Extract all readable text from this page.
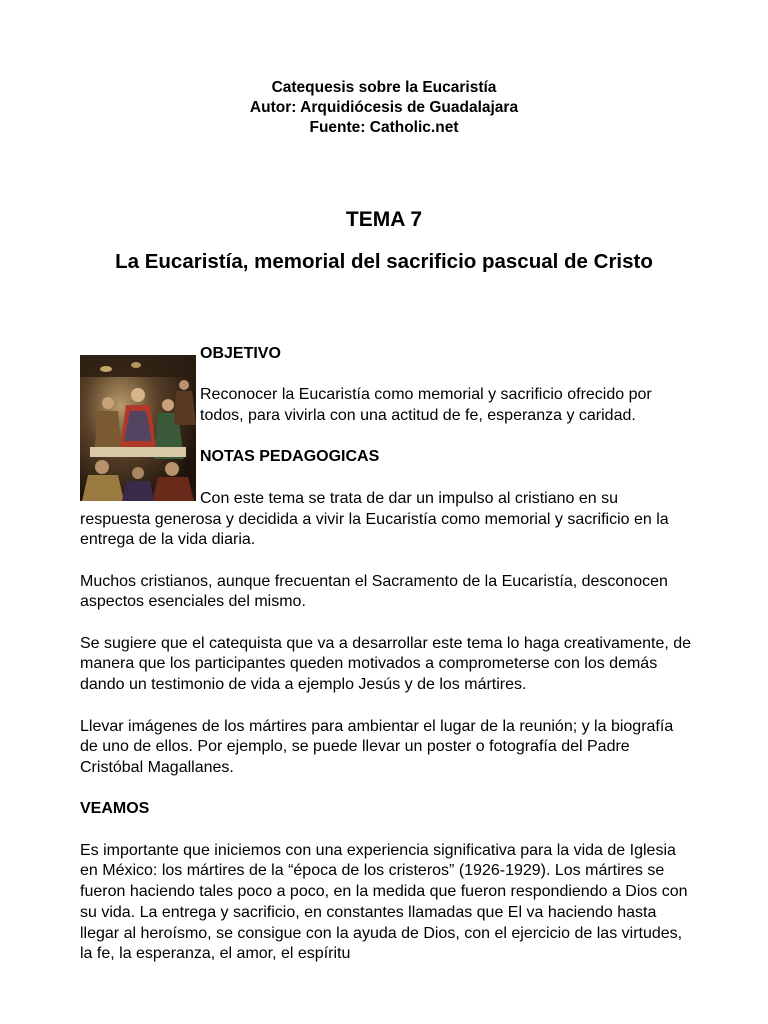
Catequesis sobre la Eucaristía
Autor: Arquidiócesis de Guadalajara
Fuente: Catholic.net
TEMA 7
La Eucaristía, memorial del sacrificio pascual de Cristo

OBJETIVO

Reconocer la Eucaristía como memorial y sacrificio ofrecido por todos, para vivirla con una actitud de fe, esperanza y caridad.

NOTAS PEDAGOGICAS

Con este tema se trata de dar un impulso al cristiano en su respuesta generosa y decidida a vivir la Eucaristía como memorial y sacrificio en la entrega de la vida diaria.

Muchos cristianos, aunque frecuentan el Sacramento de la Eucaristía, desconocen aspectos esenciales del mismo.

Se sugiere que el catequista que va a desarrollar este tema lo haga creativamente, de manera que los participantes queden motivados a comprometerse con los demás dando un testimonio de vida a ejemplo Jesús y de los mártires.

Llevar imágenes de los mártires para ambientar el lugar de la reunión; y la biografía de uno de ellos. Por ejemplo, se puede llevar un poster o fotografía del Padre Cristóbal Magallanes.

VEAMOS

Es importante que iniciemos con una experiencia significativa para la vida de Iglesia en México: los mártires de la “época de los cristeros” (1926-1929). Los mártires se fueron haciendo tales poco a poco, en la medida que fueron respondiendo a Dios con su vida. La entrega y sacrificio, en constantes llamadas que El va haciendo hasta llegar al heroísmo, se consigue con la ayuda de Dios, con el ejercicio de las virtudes, la fe, la esperanza, el amor, el espíritu
